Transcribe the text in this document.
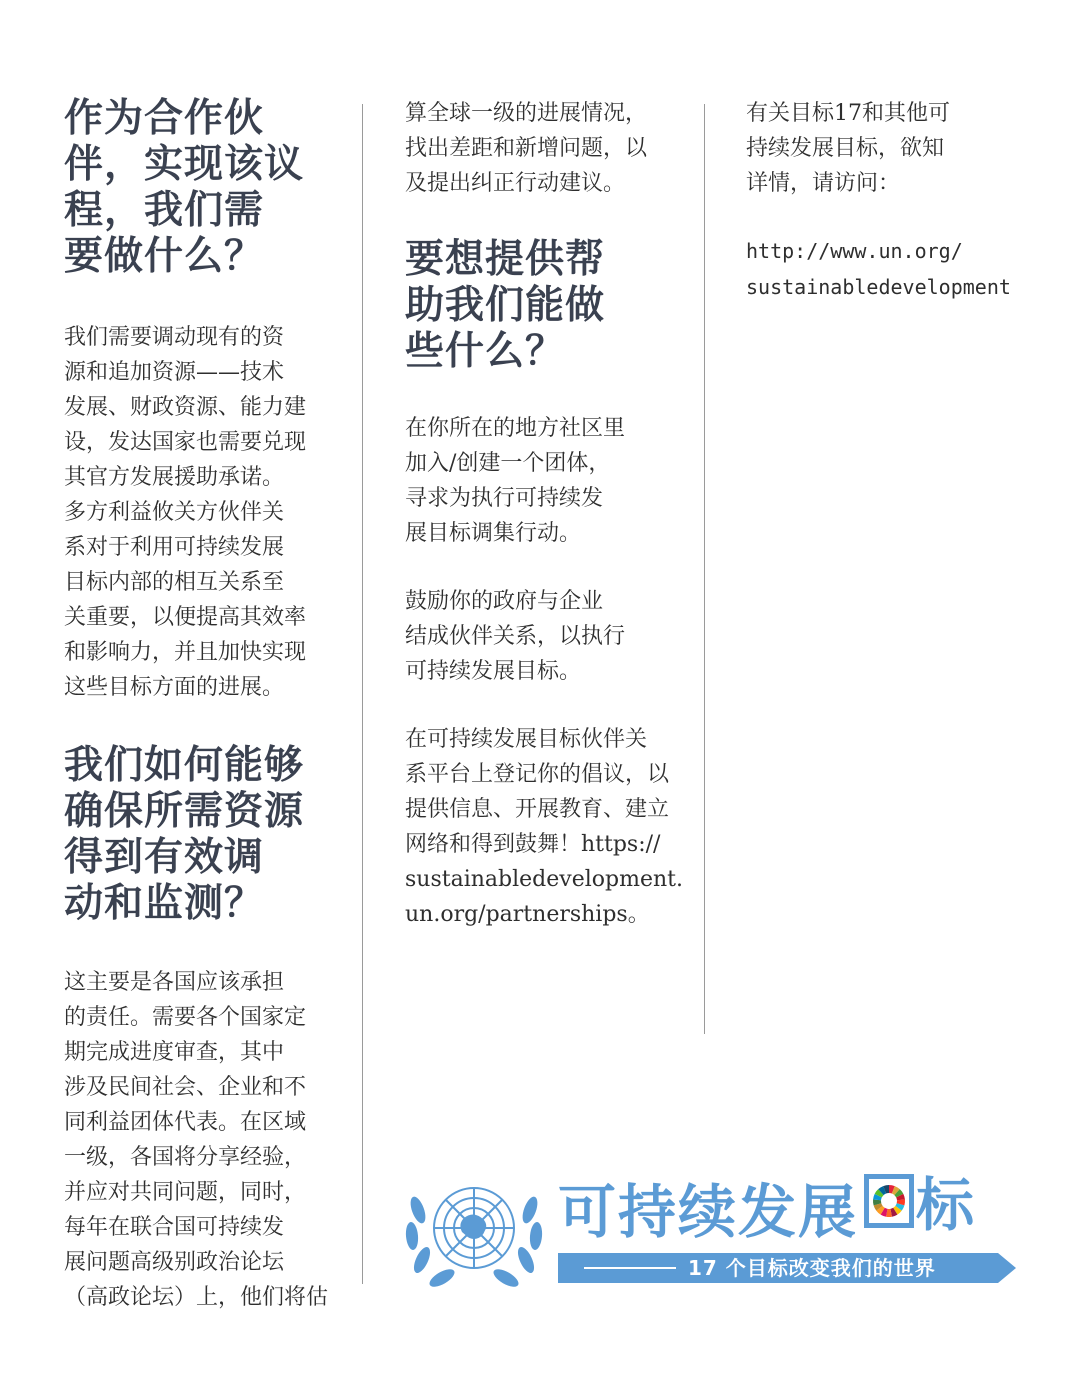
作为合作伙
伴，实现该议
程，我们需
要做什么？

我们需要调动现有的资
源和追加资源——技术
发展、财政资源、能力建
设，发达国家也需要兑现
其官方发展援助承诺。
多方利益攸关方伙伴关
系对于利用可持续发展
目标内部的相互关系至
关重要，以便提高其效率
和影响力，并且加快实现
这些目标方面的进展。

我们如何能够
确保所需资源
得到有效调
动和监测？

这主要是各国应该承担
的责任。需要各个国家定
期完成进度审查，其中
涉及民间社会、企业和不
同利益团体代表。在区域
一级，各国将分享经验，
并应对共同问题，同时，
每年在联合国可持续发
展问题高级别政治论坛
（高政论坛）上，他们将估

算全球一级的进展情况，
找出差距和新增问题，以
及提出纠正行动建议。

要想提供帮
助我们能做
些什么？

在你所在的地方社区里
加入/创建一个团体，
寻求为执行可持续发
展目标调集行动。

鼓励你的政府与企业
结成伙伴关系，以执行
可持续发展目标。

在可持续发展目标伙伴关
系平台上登记你的倡议，以
提供信息、开展教育、建立
网络和得到鼓舞！https://
sustainabledevelopment.
un.org/partnerships。

有关目标17和其他可
持续发展目标，欲知
详情，请访问：

http://www.un.org/
sustainabledevelopment

可持续发展 标
17 个目标改变我们的世界
